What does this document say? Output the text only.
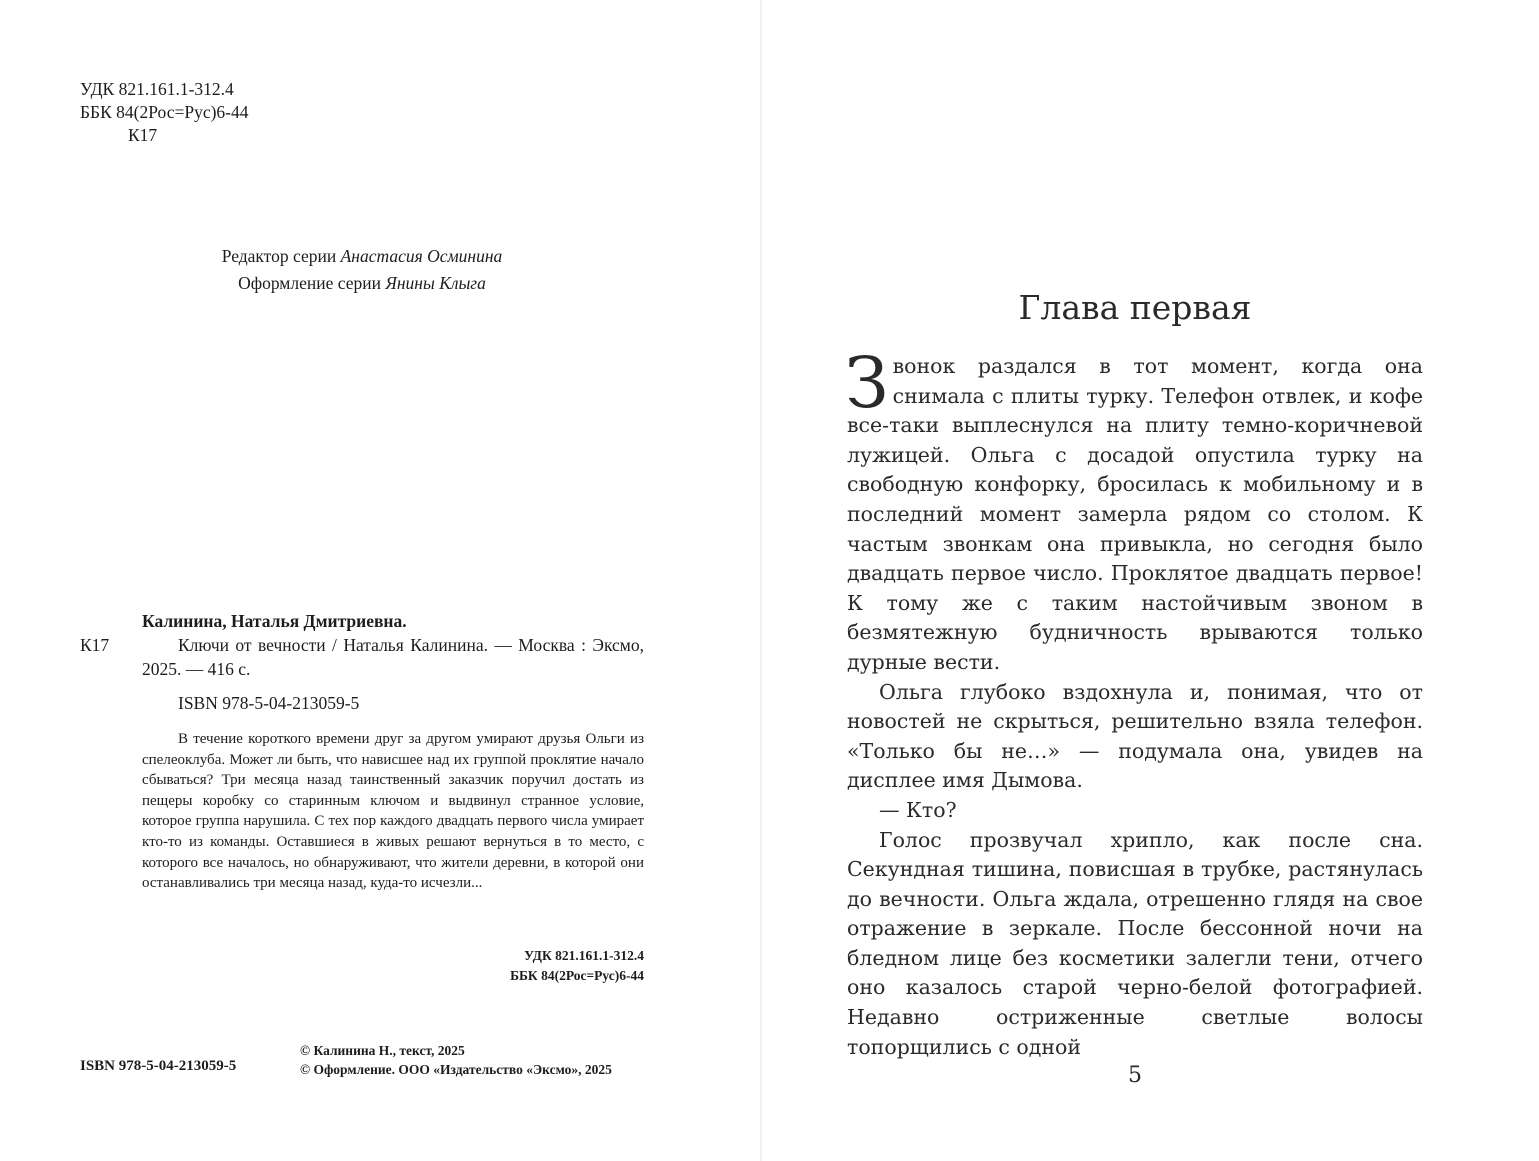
УДК 821.161.1-312.4
ББК 84(2Рос=Рус)6-44
К17
Редактор серии Анастасия Осминина
Оформление серии Янины Клыга
К17
Калинина, Наталья Дмитриевна.
Ключи от вечности / Наталья Калинина. — Москва : Эксмо, 2025. — 416 с.
ISBN 978-5-04-213059-5
В течение короткого времени друг за другом умирают друзья Ольги из спелеоклуба. Может ли быть, что нависшее над их группой проклятие начало сбываться? Три месяца назад таинственный заказчик поручил достать из пещеры коробку со старинным ключом и выдвинул странное условие, которое группа нарушила. С тех пор каждого двадцать первого числа умирает кто-то из команды. Оставшиеся в живых решают вернуться в то место, с которого все началось, но обнаруживают, что жители деревни, в которой они останавливались три месяца назад, куда-то исчезли...
УДК 821.161.1-312.4
ББК 84(2Рос=Рус)6-44
© Калинина Н., текст, 2025
© Оформление. ООО «Издательство «Эксмо», 2025
ISBN 978-5-04-213059-5
Глава первая

Звонок раздался в тот момент, когда она снимала с плиты турку. Телефон отвлек, и кофе все-таки выплеснулся на плиту темно-коричневой лужицей. Ольга с досадой опустила турку на свободную конфорку, бросилась к мобильному и в последний момент замерла рядом со столом. К частым звонкам она привыкла, но сегодня было двадцать первое число. Проклятое двадцать первое! К тому же с таким настойчивым звоном в безмятежную будничность врываются только дурные вести.

Ольга глубоко вздохнула и, понимая, что от новостей не скрыться, решительно взяла телефон. «Только бы не…» — подумала она, увидев на дисплее имя Дымова.

— Кто?

Голос прозвучал хрипло, как после сна. Секундная тишина, повисшая в трубке, растянулась до вечности. Ольга ждала, отрешенно глядя на свое отражение в зеркале. После бессонной ночи на бледном лице без косметики залегли тени, отчего оно казалось старой черно-белой фотографией. Недавно остриженные светлые волосы топорщились с одной

5
